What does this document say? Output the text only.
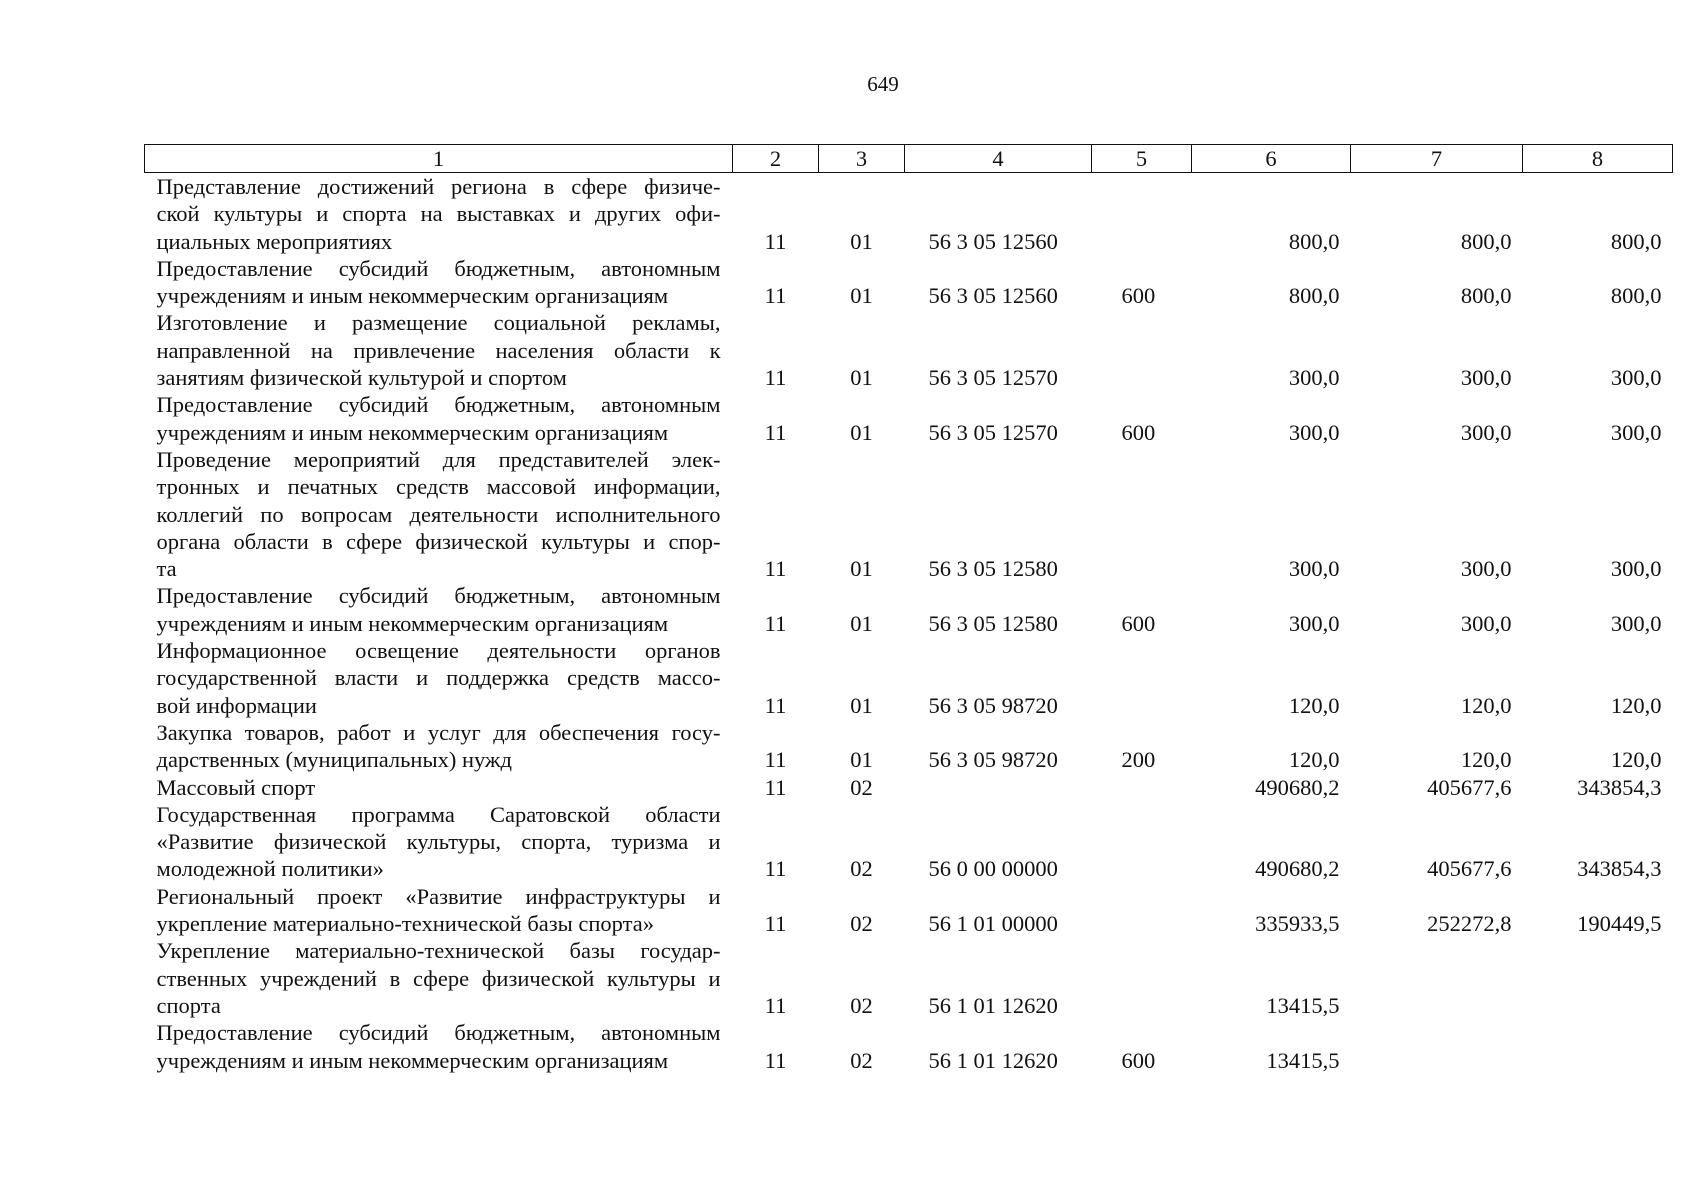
649
1	2	3	4	5	6	7	8

Представление достижений региона в сфере физиче-
ской культуры и спорта на выставках и других офи-
циальных мероприятиях	11	01	56 3 05 12560		800,0	800,0	800,0

Предоставление субсидий бюджетным, автономным
учреждениям и иным некоммерческим организациям	11	01	56 3 05 12560	600	800,0	800,0	800,0

Изготовление и размещение социальной рекламы,
направленной на привлечение населения области к
занятиям физической культурой и спортом	11	01	56 3 05 12570		300,0	300,0	300,0

Предоставление субсидий бюджетным, автономным
учреждениям и иным некоммерческим организациям	11	01	56 3 05 12570	600	300,0	300,0	300,0

Проведение мероприятий для представителей элек-
тронных и печатных средств массовой информации,
коллегий по вопросам деятельности исполнительного
органа области в сфере физической культуры и спор-
та	11	01	56 3 05 12580		300,0	300,0	300,0

Предоставление субсидий бюджетным, автономным
учреждениям и иным некоммерческим организациям	11	01	56 3 05 12580	600	300,0	300,0	300,0

Информационное освещение деятельности органов
государственной власти и поддержка средств массо-
вой информации	11	01	56 3 05 98720		120,0	120,0	120,0

Закупка товаров, работ и услуг для обеспечения госу-
дарственных (муниципальных) нужд	11	01	56 3 05 98720	200	120,0	120,0	120,0

Массовый спорт	11	02			490680,2	405677,6	343854,3

Государственная программа Саратовской области
«Развитие физической культуры, спорта, туризма и
молодежной политики»	11	02	56 0 00 00000		490680,2	405677,6	343854,3

Региональный проект «Развитие инфраструктуры и
укрепление материально-технической базы спорта»	11	02	56 1 01 00000		335933,5	252272,8	190449,5

Укрепление материально-технической базы государ-
ственных учреждений в сфере физической культуры и
спорта	11	02	56 1 01 12620		13415,5		

Предоставление субсидий бюджетным, автономным
учреждениям и иным некоммерческим организациям	11	02	56 1 01 12620	600	13415,5		
